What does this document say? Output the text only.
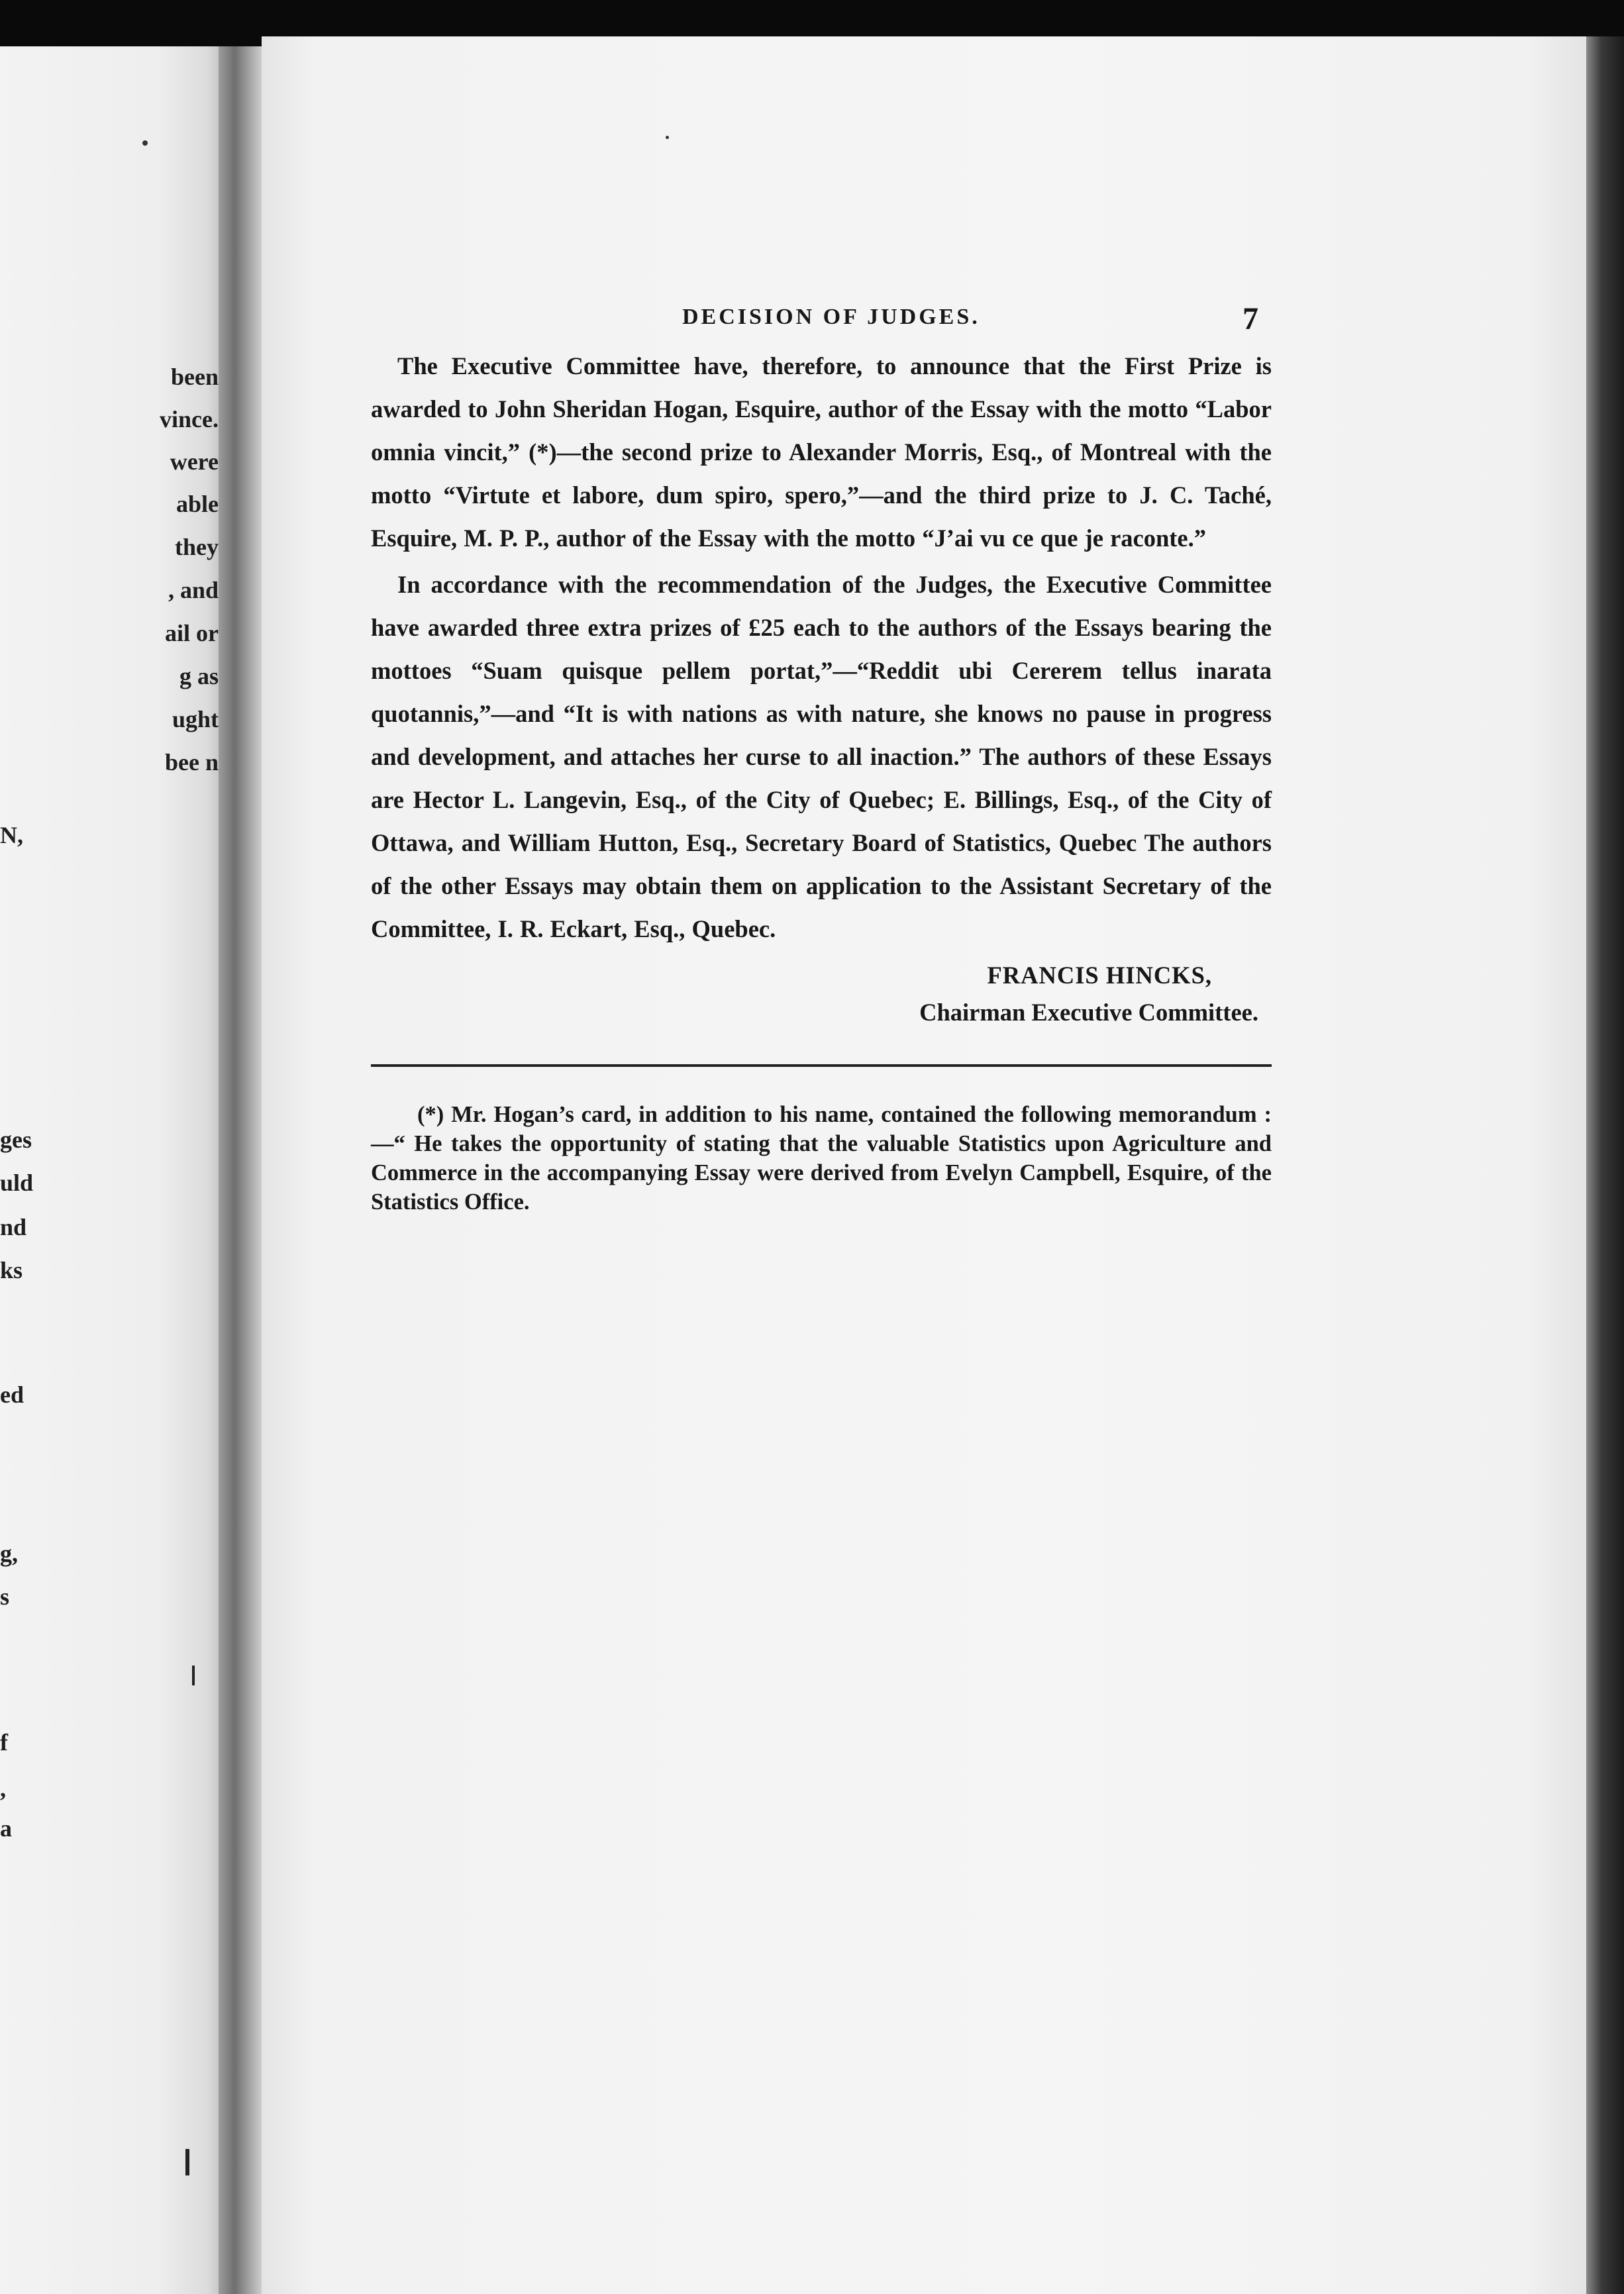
been
vince.
were
able
they
, and
ail or
g as
ught
bee n
N,
ges
uld
nd
ks
ed
g,
s
f
,
a
DECISION OF JUDGES.	7

The Executive Committee have, therefore, to announce that the First Prize is awarded to John Sheridan Hogan, Esquire, author of the Essay with the motto “Labor omnia vincit,” (*)—the second prize to Alexander Morris, Esq., of Montreal with the motto “Virtute et labore, dum spiro, spero,”—and the third prize to J. C. Taché, Esquire, M. P. P., author of the Essay with the motto “J’ai vu ce que je raconte.”

In accordance with the recommendation of the Judges, the Executive Committee have awarded three extra prizes of £25 each to the authors of the Essays bearing the mottoes “Suam quisque pellem portat,”—“Reddit ubi Cererem tellus inarata quotannis,”—and “It is with nations as with nature, she knows no pause in progress and development, and attaches her curse to all inaction.” The authors of these Essays are Hector L. Langevin, Esq., of the City of Quebec; E. Billings, Esq., of the City of Ottawa, and William Hutton, Esq., Secretary Board of Statistics, Quebec The authors of the other Essays may obtain them on application to the Assistant Secretary of the Committee, I. R. Eckart, Esq., Quebec.

FRANCIS HINCKS,
Chairman Executive Committee.

(*) Mr. Hogan’s card, in addition to his name, contained the following memorandum :—“ He takes the opportunity of stating that the valuable Statistics upon Agriculture and Commerce in the accompanying Essay were derived from Evelyn Campbell, Esquire, of the Statistics Office.
